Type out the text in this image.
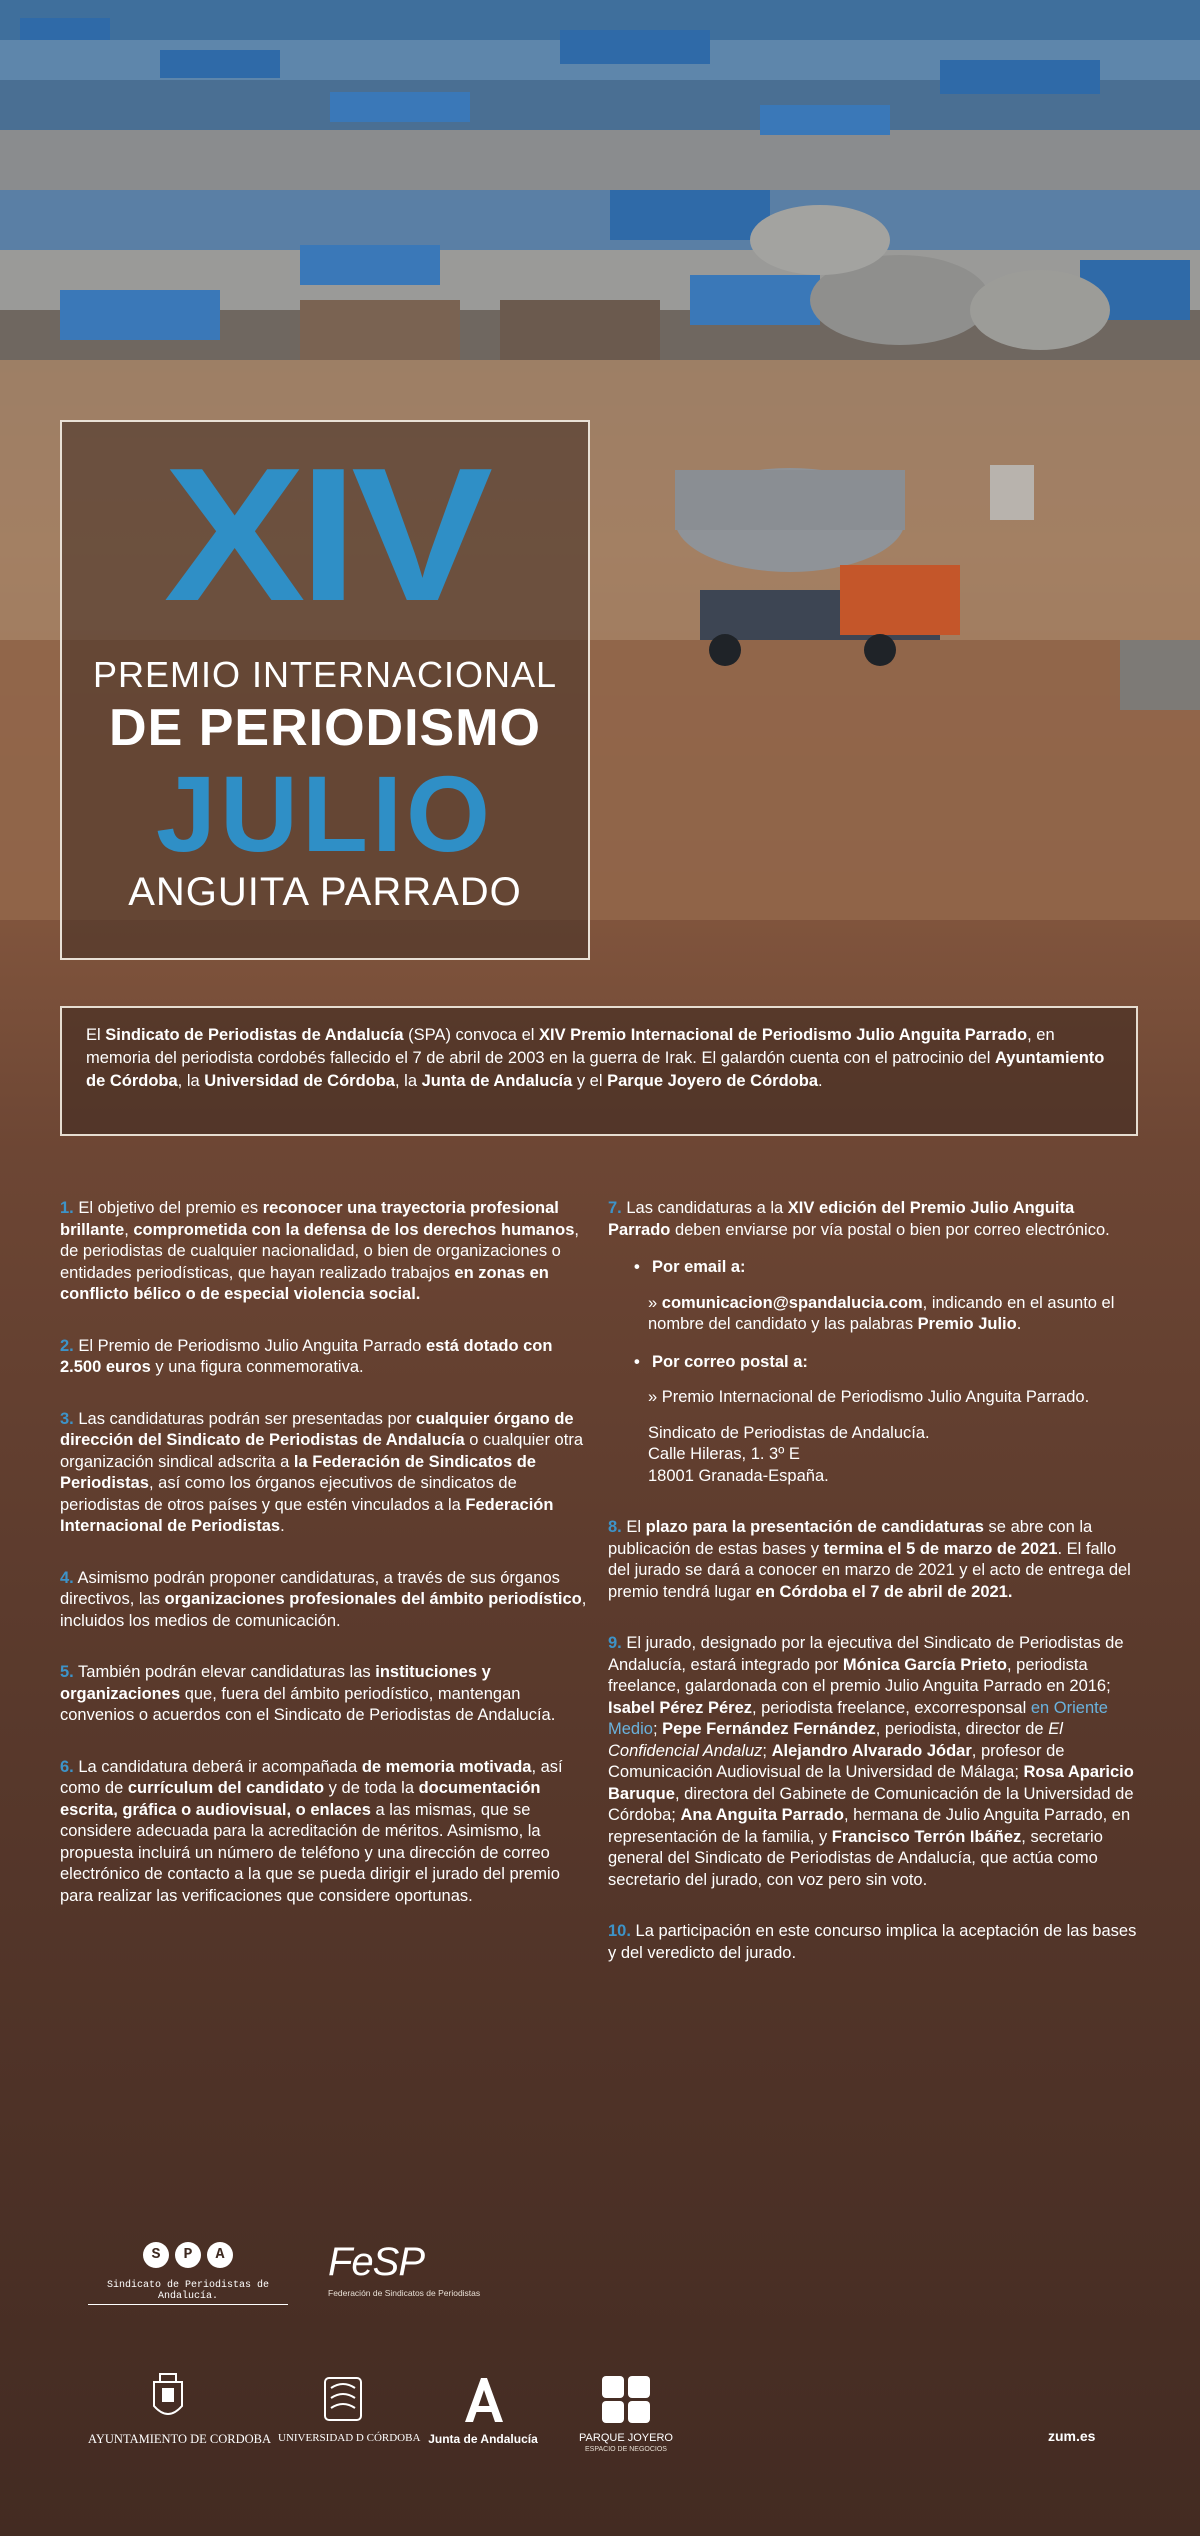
XIV
PREMIO INTERNACIONAL
DE PERIODISMO
JULIO
ANGUITA PARRADO
El Sindicato de Periodistas de Andalucía (SPA) convoca el XIV Premio Internacional de Periodismo Julio Anguita Parrado, en memoria del periodista cordobés fallecido el 7 de abril de 2003 en la guerra de Irak. El galardón cuenta con el patrocinio del Ayuntamiento de Córdoba, la Universidad de Córdoba, la Junta de Andalucía y el Parque Joyero de Córdoba.

1. El objetivo del premio es reconocer una trayectoria profesional brillante, comprometida con la defensa de los derechos humanos, de periodistas de cualquier nacionalidad, o bien de organizaciones o entidades periodísticas, que hayan realizado trabajos en zonas en conflicto bélico o de especial violencia social.

2. El Premio de Periodismo Julio Anguita Parrado está dotado con 2.500 euros y una figura conmemorativa.

3. Las candidaturas podrán ser presentadas por cualquier órgano de dirección del Sindicato de Periodistas de Andalucía o cualquier otra organización sindical adscrita a la Federación de Sindicatos de Periodistas, así como los órganos ejecutivos de sindicatos de periodistas de otros países y que estén vinculados a la Federación Internacional de Periodistas.

4. Asimismo podrán proponer candidaturas, a través de sus órganos directivos, las organizaciones profesionales del ámbito periodístico, incluidos los medios de comunicación.

5. También podrán elevar candidaturas las instituciones y organizaciones que, fuera del ámbito periodístico, mantengan convenios o acuerdos con el Sindicato de Periodistas de Andalucía.

6. La candidatura deberá ir acompañada de memoria motivada, así como de currículum del candidato y de toda la documentación escrita, gráfica o audiovisual, o enlaces a las mismas, que se considere adecuada para la acreditación de méritos. Asimismo, la propuesta incluirá un número de teléfono y una dirección de correo electrónico de contacto a la que se pueda dirigir el jurado del premio para realizar las verificaciones que considere oportunas.

7. Las candidaturas a la XIV edición del Premio Julio Anguita Parrado deben enviarse por vía postal o bien por correo electrónico.

• Por email a:

» comunicacion@spandalucia.com, indicando en el asunto el nombre del candidato y las palabras Premio Julio.

• Por correo postal a:

» Premio Internacional de Periodismo Julio Anguita Parrado.

Sindicato de Periodistas de Andalucía.
Calle Hileras, 1. 3º E
18001 Granada-España.

8. El plazo para la presentación de candidaturas se abre con la publicación de estas bases y termina el 5 de marzo de 2021. El fallo del jurado se dará a conocer en marzo de 2021 y el acto de entrega del premio tendrá lugar en Córdoba el 7 de abril de 2021.

9. El jurado, designado por la ejecutiva del Sindicato de Periodistas de Andalucía, estará integrado por Mónica García Prieto, periodista freelance, galardonada con el premio Julio Anguita Parrado en 2016; Isabel Pérez Pérez, periodista freelance, excorresponsal en Oriente Medio; Pepe Fernández Fernández, periodista, director de El Confidencial Andaluz; Alejandro Alvarado Jódar, profesor de Comunicación Audiovisual de la Universidad de Málaga; Rosa Aparicio Baruque, directora del Gabinete de Comunicación de la Universidad de Córdoba; Ana Anguita Parrado, hermana de Julio Anguita Parrado, en representación de la familia, y Francisco Terrón Ibáñez, secretario general del Sindicato de Periodistas de Andalucía, que actúa como secretario del jurado, con voz pero sin voto.

10. La participación en este concurso implica la aceptación de las bases y del veredicto del jurado.

S	P	A
Sindicato de Periodistas de Andalucía.
FeSP
Federación de Sindicatos de Periodistas
AYUNTAMIENTO DE CORDOBA UNIVERSIDAD D CÓRDOBA Junta de Andalucía	PARQUE JOYERO
ESPACIO DE NEGOCIOS
zum.es
